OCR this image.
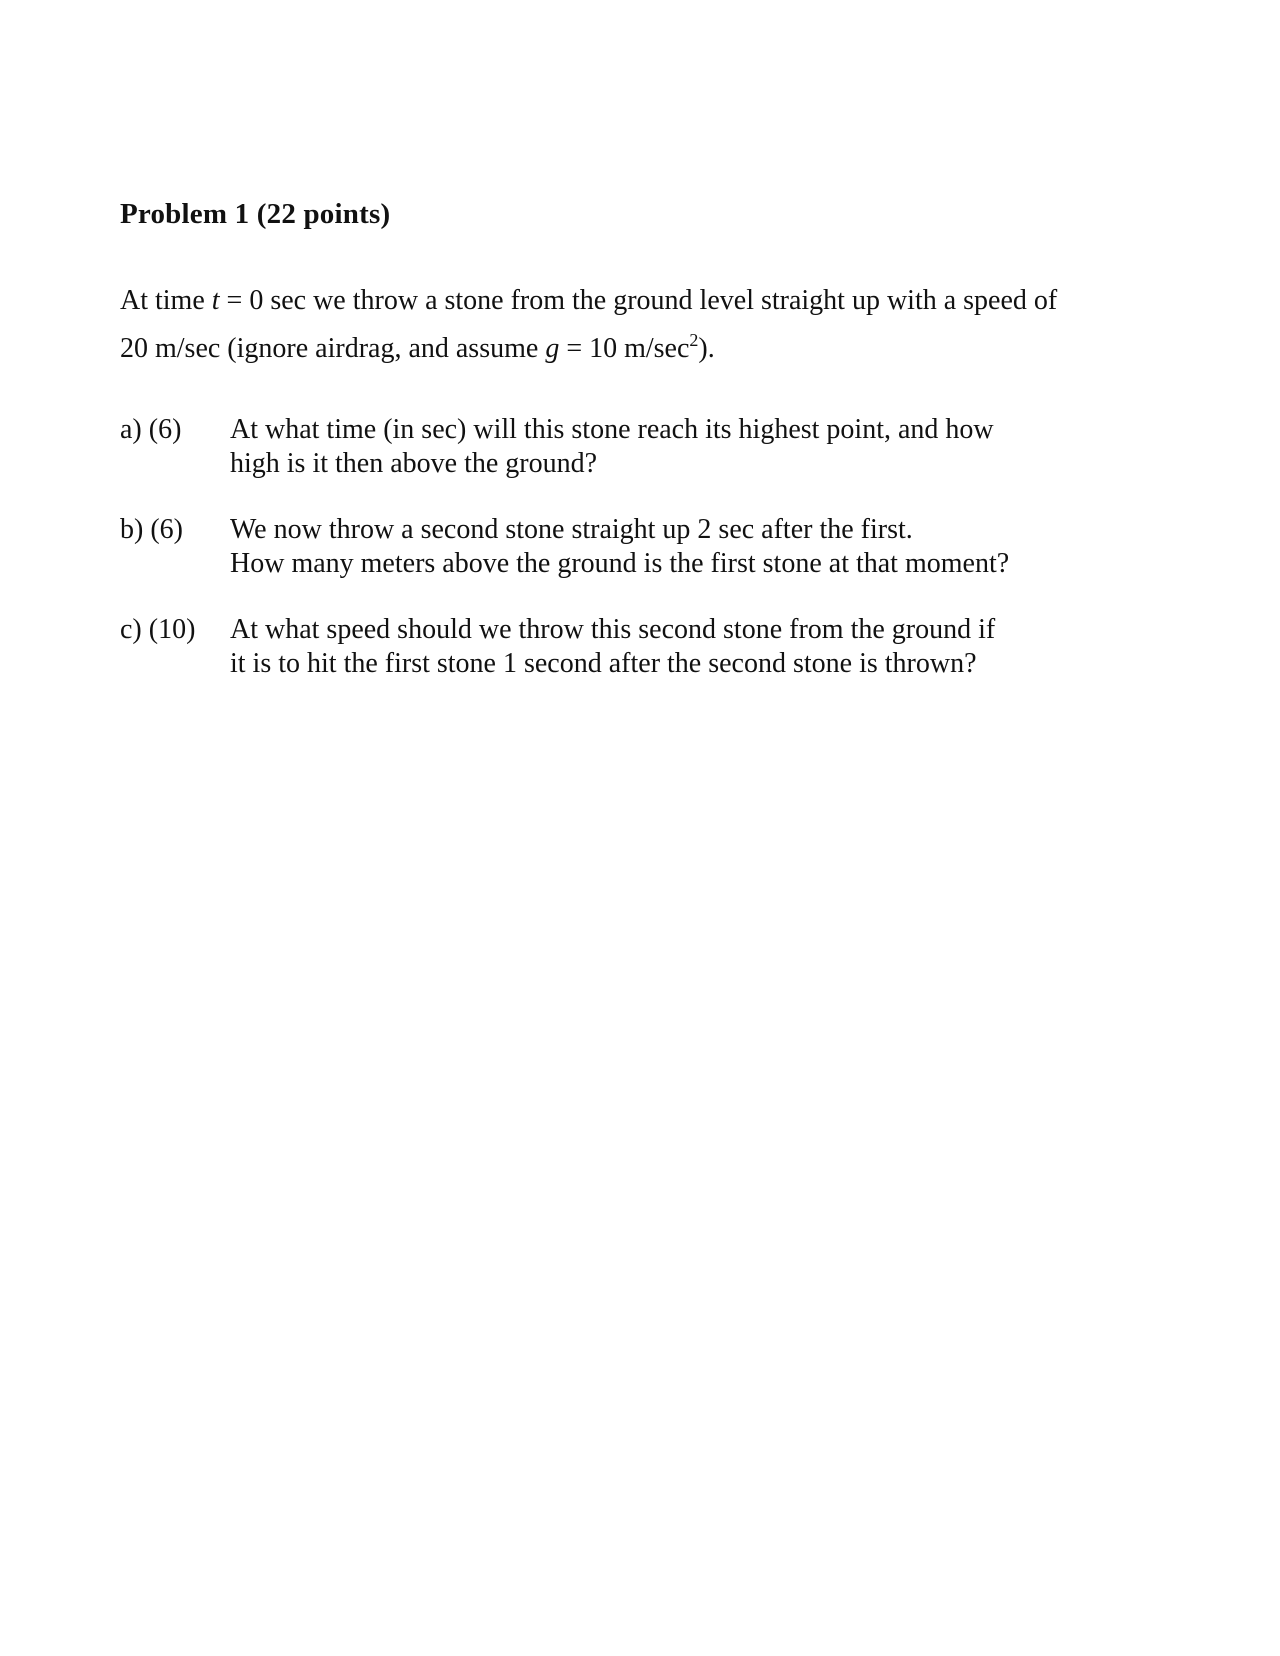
Problem 1 (22 points)
At time t = 0 sec we throw a stone from the ground level straight up with a speed of
20 m/sec (ignore airdrag, and assume g = 10 $m/\sec^2$).
a) (6) At what time (in sec) will this stone reach its highest point, and how
high is it then above the ground?
b) (6) We now throw a second stone straight up 2 sec after the first.
How many meters above the ground is the first stone at that moment?
c) (10) At what speed should we throw this second stone from the ground if
it is to hit the first stone 1 second after the second stone is thrown?
